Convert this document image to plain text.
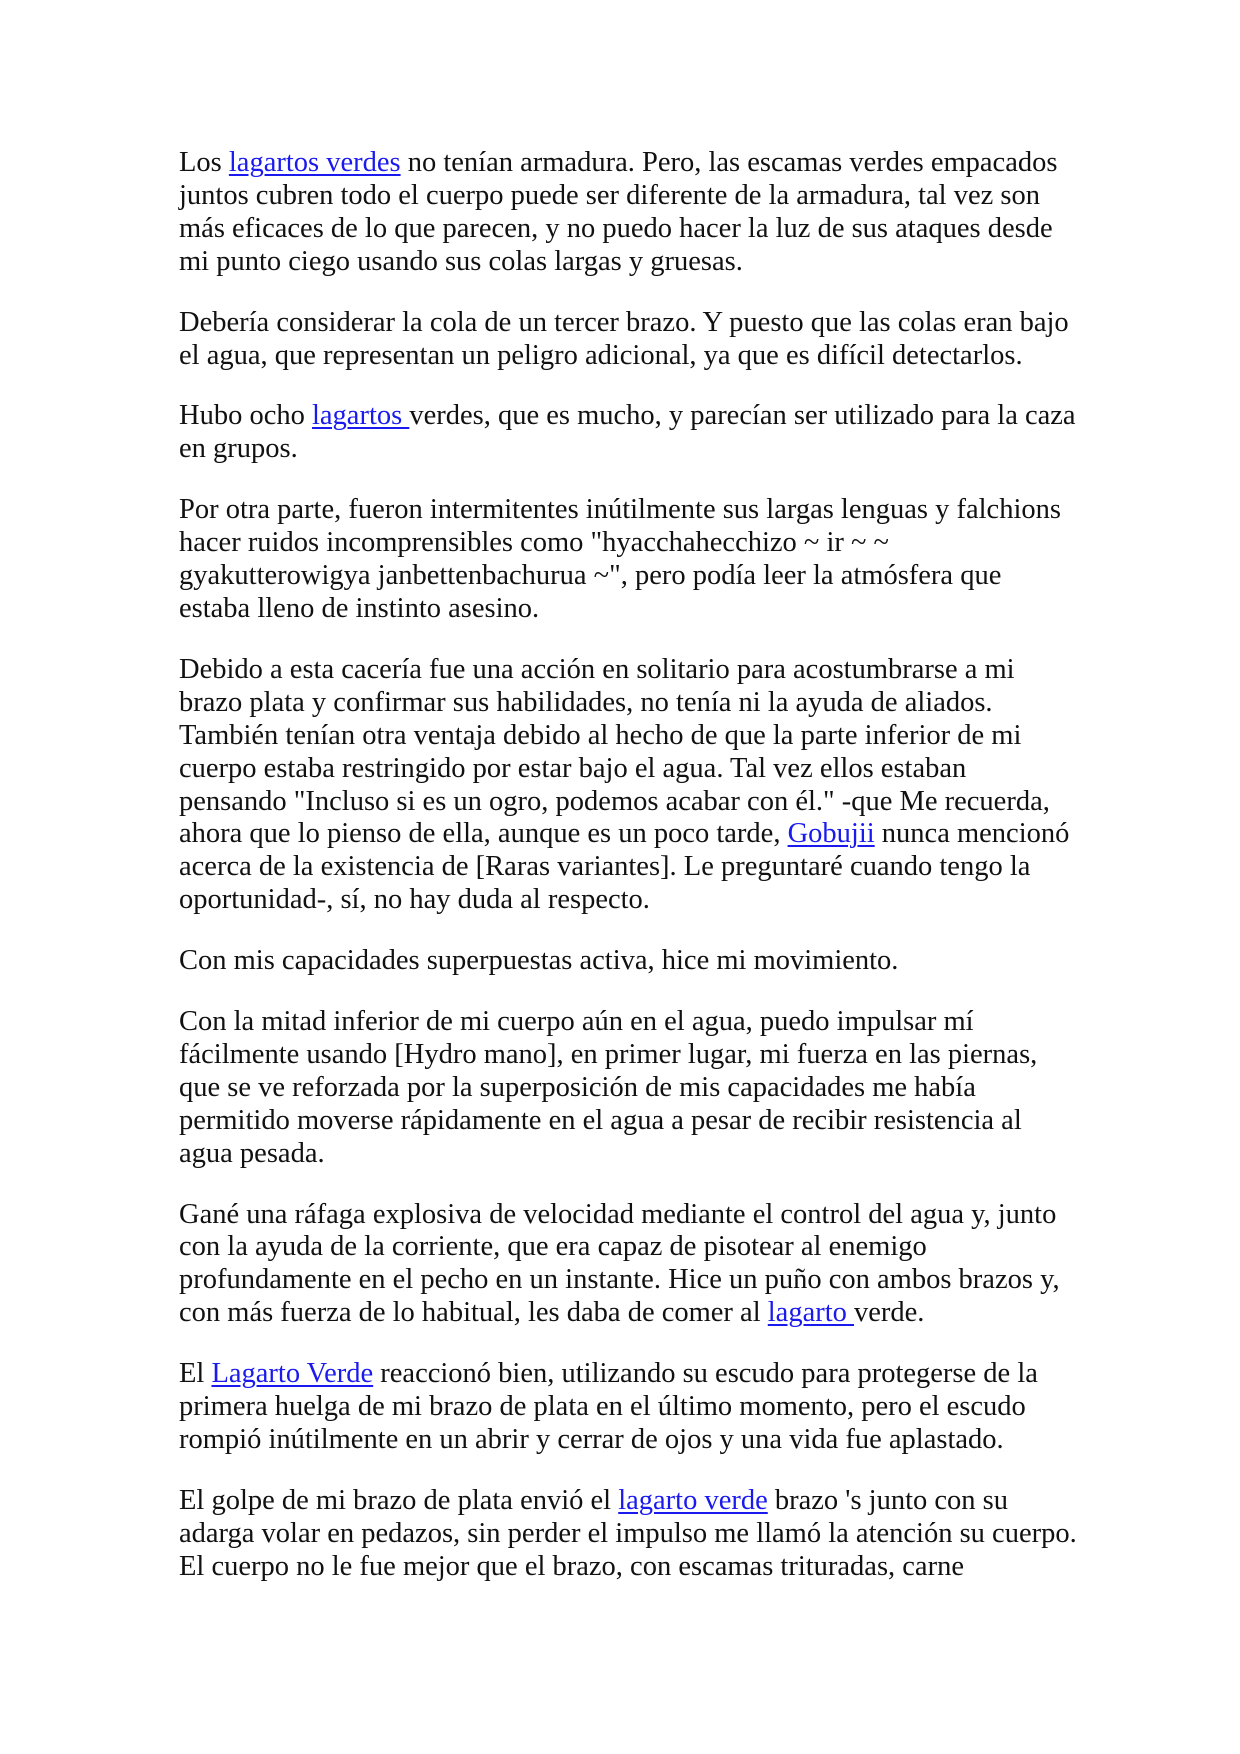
Los lagartos verdes no tenían armadura. Pero, las escamas verdes empacados juntos cubren todo el cuerpo puede ser diferente de la armadura, tal vez son más eficaces de lo que parecen, y no puedo hacer la luz de sus ataques desde mi punto ciego usando sus colas largas y gruesas.

Debería considerar la cola de un tercer brazo. Y puesto que las colas eran bajo el agua, que representan un peligro adicional, ya que es difícil detectarlos.

Hubo ocho lagartos verdes, que es mucho, y parecían ser utilizado para la caza en grupos.

Por otra parte, fueron intermitentes inútilmente sus largas lenguas y falchions hacer ruidos incomprensibles como "hyacchahecchizo ~ ir ~ ~ gyakutterowigya janbettenbachurua ~", pero podía leer la atmósfera que estaba lleno de instinto asesino.

Debido a esta cacería fue una acción en solitario para acostumbrarse a mi brazo plata y confirmar sus habilidades, no tenía ni la ayuda de aliados. También tenían otra ventaja debido al hecho de que la parte inferior de mi cuerpo estaba restringido por estar bajo el agua. Tal vez ellos estaban pensando "Incluso si es un ogro, podemos acabar con él." -que Me recuerda, ahora que lo pienso de ella, aunque es un poco tarde, Gobujii nunca mencionó acerca de la existencia de [Raras variantes]. Le preguntaré cuando tengo la oportunidad-, sí, no hay duda al respecto.

Con mis capacidades superpuestas activa, hice mi movimiento.

Con la mitad inferior de mi cuerpo aún en el agua, puedo impulsar mí fácilmente usando [Hydro mano], en primer lugar, mi fuerza en las piernas, que se ve reforzada por la superposición de mis capacidades me había permitido moverse rápidamente en el agua a pesar de recibir resistencia al agua pesada.

Gané una ráfaga explosiva de velocidad mediante el control del agua y, junto con la ayuda de la corriente, que era capaz de pisotear al enemigo profundamente en el pecho en un instante. Hice un puño con ambos brazos y, con más fuerza de lo habitual, les daba de comer al lagarto verde.

El Lagarto Verde reaccionó bien, utilizando su escudo para protegerse de la primera huelga de mi brazo de plata en el último momento, pero el escudo rompió inútilmente en un abrir y cerrar de ojos y una vida fue aplastado.

El golpe de mi brazo de plata envió el lagarto verde brazo 's junto con su adarga volar en pedazos, sin perder el impulso me llamó la atención su cuerpo. El cuerpo no le fue mejor que el brazo, con escamas trituradas, carne
